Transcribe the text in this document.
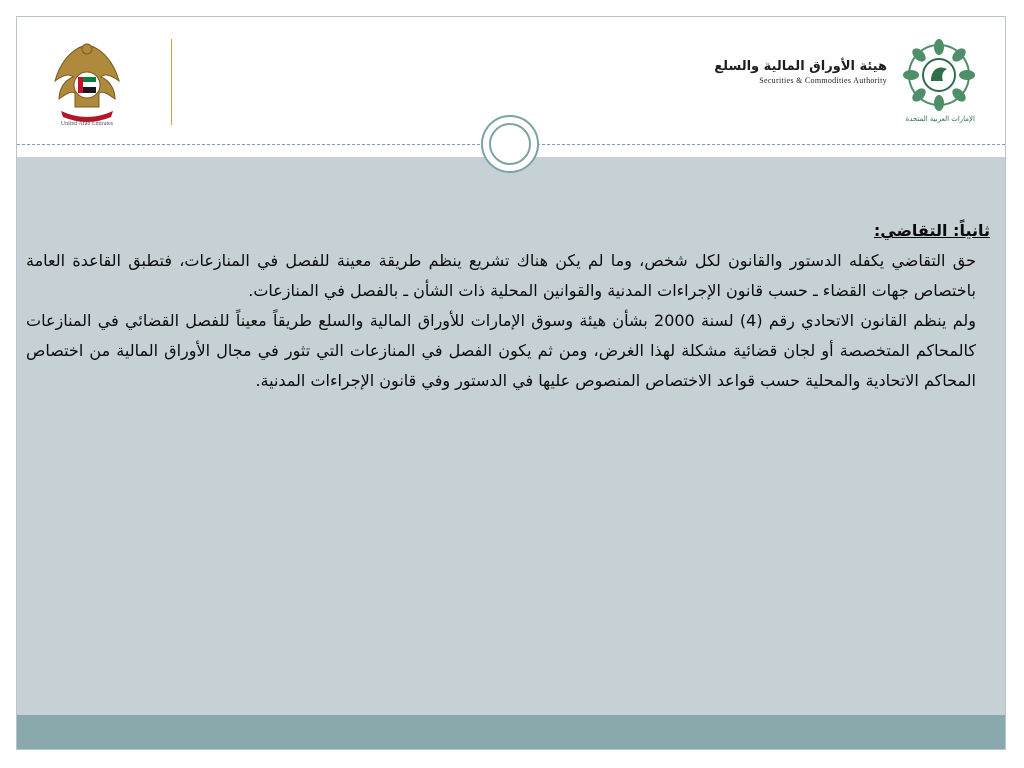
United Arab Emirates
هيئة الأوراق المالية والسلع
Securities & Commodities Authority
الإمارات العربية المتحدة
ثانياً: التقاضي:
حق التقاضي يكفله الدستور والقانون لكل شخص، وما لم يكن هناك تشريع ينظم طريقة معينة للفصل في المنازعات، فتطبق القاعدة العامة باختصاص جهات القضاء ـ حسب قانون الإجراءات المدنية والقوانين المحلية ذات الشأن ـ بالفصل في المنازعات.
ولم ينظم القانون الاتحادي رقم (4) لسنة 2000 بشأن هيئة وسوق الإمارات للأوراق المالية والسلع طريقاً معيناً للفصل القضائي في المنازعات كالمحاكم المتخصصة أو لجان قضائية مشكلة لهذا الغرض، ومن ثم يكون الفصل في المنازعات التي تثور في مجال الأوراق المالية من اختصاص المحاكم الاتحادية والمحلية حسب قواعد الاختصاص المنصوص عليها في الدستور وفي قانون الإجراءات المدنية.
